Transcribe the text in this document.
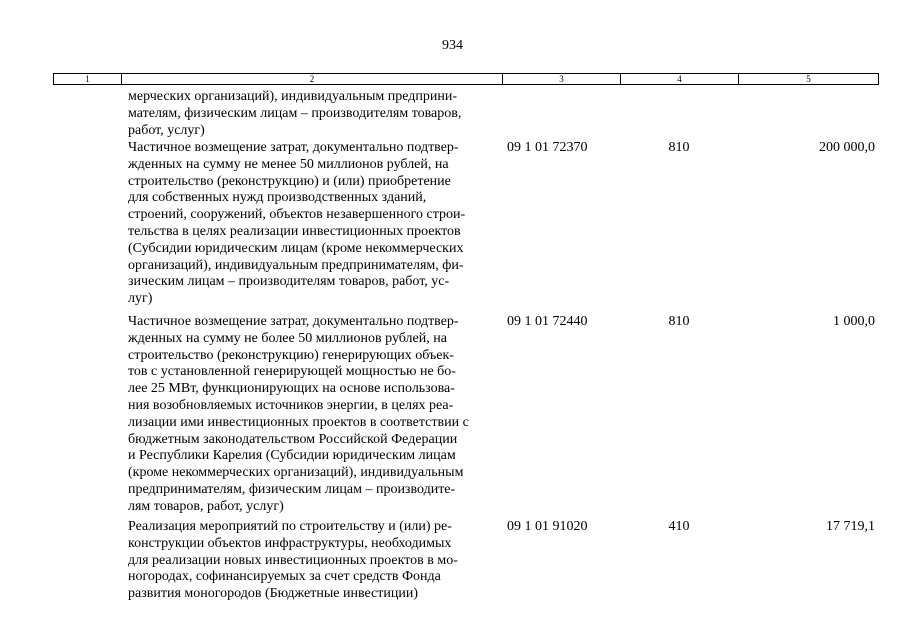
934
1	2	3	4	5
мерческих организаций), индивидуальным предприни-
мателям, физическим лицам – производителям товаров,
работ, услуг)
Частичное возмещение затрат, документально подтвер-
жденных на сумму не менее 50 миллионов рублей, на
строительство (реконструкцию) и (или) приобретение
для собственных нужд производственных зданий,
строений, сооружений, объектов незавершенного строи-
тельства в целях реализации инвестиционных проектов
(Субсидии юридическим лицам (кроме некоммерческих
организаций), индивидуальным предпринимателям, фи-
зическим лицам – производителям товаров, работ, ус-
луг)
09 1 01 72370	810	200 000,0
Частичное возмещение затрат, документально подтвер-
жденных на сумму не более 50 миллионов рублей, на
строительство (реконструкцию) генерирующих объек-
тов с установленной генерирующей мощностью не бо-
лее 25 МВт, функционирующих на основе использова-
ния возобновляемых источников энергии, в целях реа-
лизации ими инвестиционных проектов в соответствии с
бюджетным законодательством Российской Федерации
и Республики Карелия (Субсидии юридическим лицам
(кроме некоммерческих организаций), индивидуальным
предпринимателям, физическим лицам – производите-
лям товаров, работ, услуг)
09 1 01 72440	810	1 000,0
Реализация мероприятий по строительству и (или) ре-
конструкции объектов инфраструктуры, необходимых
для реализации новых инвестиционных проектов в мо-
ногородах, софинансируемых за счет средств Фонда
развития моногородов (Бюджетные инвестиции)
09 1 01 91020	410	17 719,1
